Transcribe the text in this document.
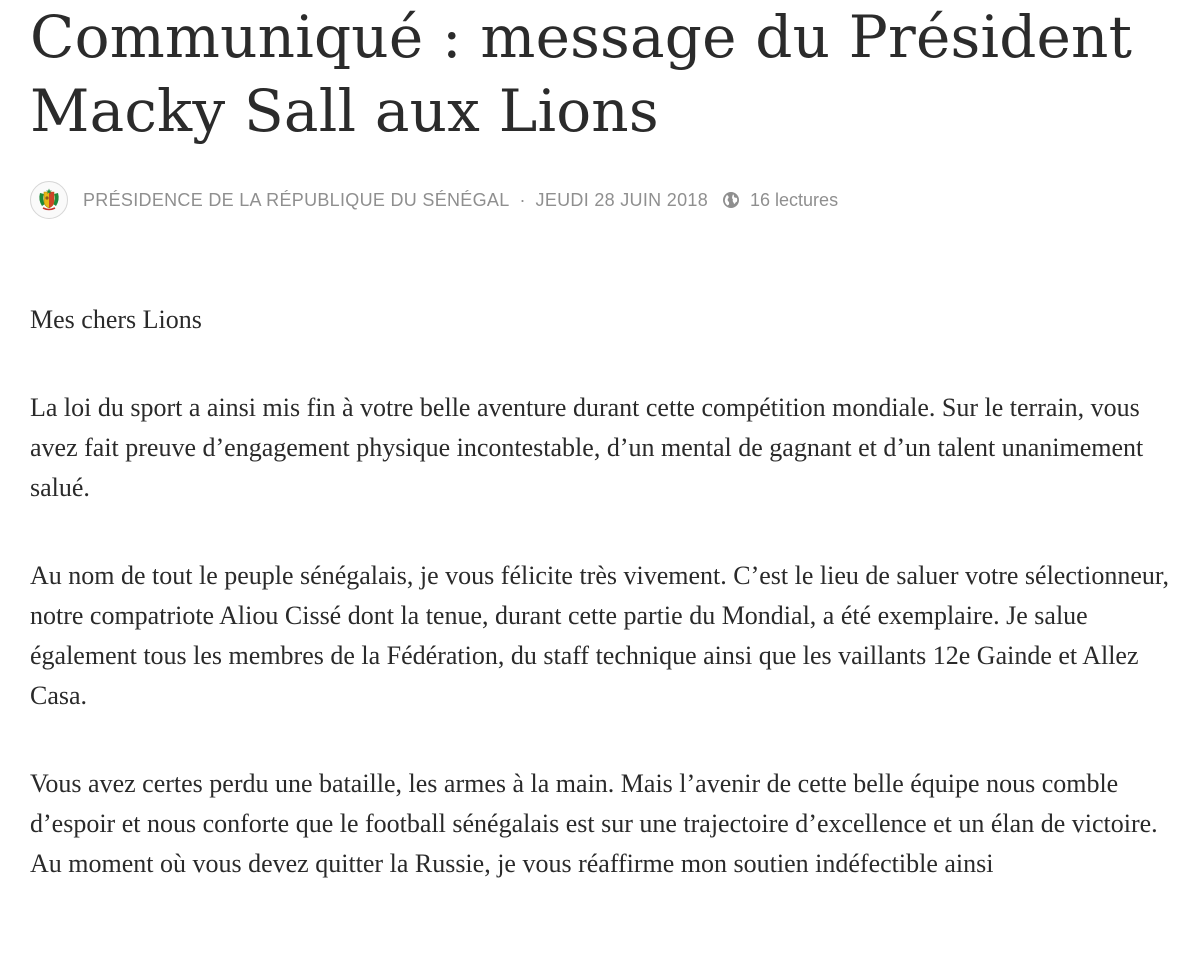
Communiqué : message du Président Macky Sall aux Lions
PRÉSIDENCE DE LA RÉPUBLIQUE DU SÉNÉGAL · JEUDI 28 JUIN 2018 16 lectures

Mes chers Lions

La loi du sport a ainsi mis fin à votre belle aventure durant cette compétition mondiale. Sur le terrain, vous avez fait preuve d’engagement physique incontestable, d’un mental de gagnant et d’un talent unanimement salué.

Au nom de tout le peuple sénégalais, je vous félicite très vivement. C’est le lieu de saluer votre sélectionneur, notre compatriote Aliou Cissé dont la tenue, durant cette partie du Mondial, a été exemplaire. Je salue également tous les membres de la Fédération, du staff technique ainsi que les vaillants 12e Gainde et Allez Casa.

Vous avez certes perdu une bataille, les armes à la main. Mais l’avenir de cette belle équipe nous comble d’espoir et nous conforte que le football sénégalais est sur une trajectoire d’excellence et un élan de victoire.

Au moment où vous devez quitter la Russie, je vous réaffirme mon soutien indéfectible ainsi
